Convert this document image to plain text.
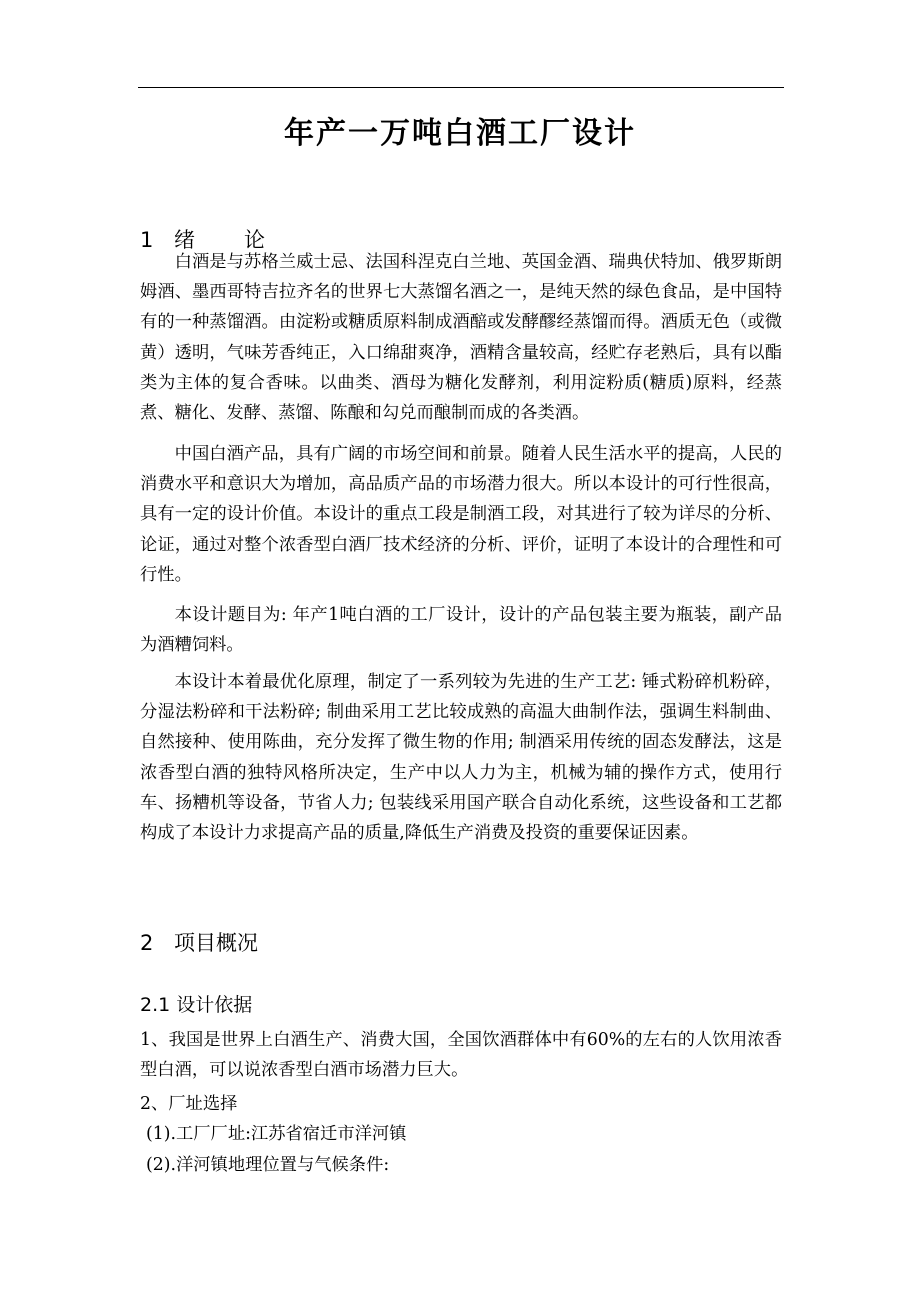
年产一万吨白酒工厂设计
1 绪 论

白酒是与苏格兰威士忌、法国科涅克白兰地、英国金酒、瑞典伏特加、俄罗斯朗姆酒、墨西哥特吉拉齐名的世界七大蒸馏名酒之一，是纯天然的绿色食品，是中国特有的一种蒸馏酒。由淀粉或糖质原料制成酒醅或发酵醪经蒸馏而得。酒质无色（或微黄）透明，气味芳香纯正，入口绵甜爽净，酒精含量较高，经贮存老熟后，具有以酯类为主体的复合香味。以曲类、酒母为糖化发酵剂，利用淀粉质(糖质)原料，经蒸煮、糖化、发酵、蒸馏、陈酿和勾兑而酿制而成的各类酒。

中国白酒产品，具有广阔的市场空间和前景。随着人民生活水平的提高，人民的消费水平和意识大为增加，高品质产品的市场潜力很大。所以本设计的可行性很高，具有一定的设计价值。本设计的重点工段是制酒工段，对其进行了较为详尽的分析、论证，通过对整个浓香型白酒厂技术经济的分析、评价，证明了本设计的合理性和可行性。

本设计题目为: 年产1吨白酒的工厂设计，设计的产品包装主要为瓶装，副产品为酒糟饲料。

本设计本着最优化原理，制定了一系列较为先进的生产工艺: 锤式粉碎机粉碎，分湿法粉碎和干法粉碎; 制曲采用工艺比较成熟的高温大曲制作法，强调生料制曲、自然接种、使用陈曲，充分发挥了微生物的作用; 制酒采用传统的固态发酵法，这是浓香型白酒的独特风格所决定，生产中以人力为主，机械为辅的操作方式，使用行车、扬糟机等设备，节省人力; 包装线采用国产联合自动化系统，这些设备和工艺都构成了本设计力求提高产品的质量,降低生产消费及投资的重要保证因素。

2 项目概况
2.1 设计依据

1、我国是世界上白酒生产、消费大国，全国饮酒群体中有60%的左右的人饮用浓香型白酒，可以说浓香型白酒市场潜力巨大。

2、厂址选择

(1).工厂厂址:江苏省宿迁市洋河镇

(2).洋河镇地理位置与气候条件:
